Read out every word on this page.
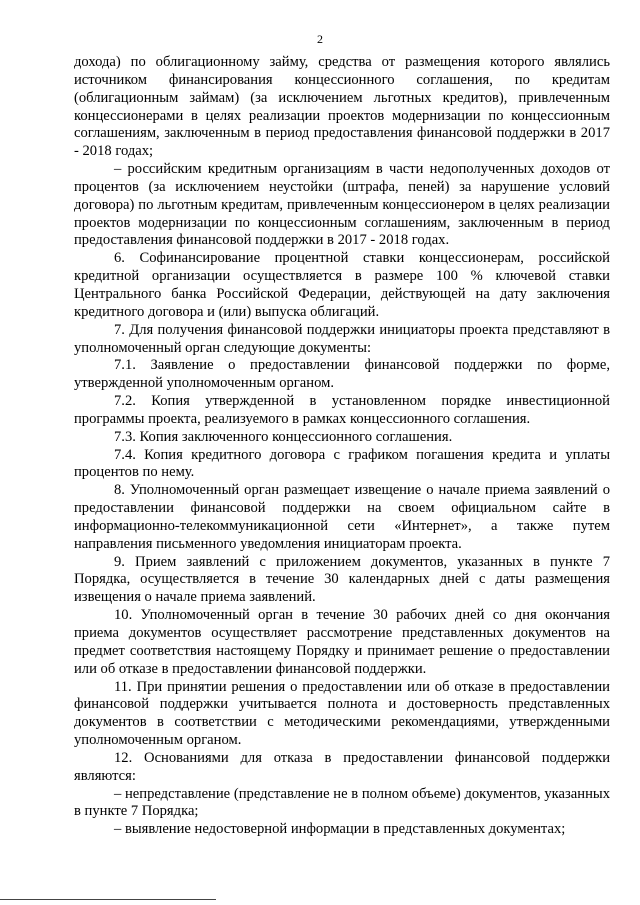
2

дохода) по облигационному займу, средства от размещения которого являлись источником финансирования концессионного соглашения, по кредитам (облигационным займам) (за исключением льготных кредитов), привлеченным концессионерами в целях реализации проектов модернизации по концессионным соглашениям, заключенным в период предоставления финансовой поддержки в 2017 - 2018 годах;

– российским кредитным организациям в части недополученных доходов от процентов (за исключением неустойки (штрафа, пеней) за нарушение условий договора) по льготным кредитам, привлеченным концессионером в целях реализации проектов модернизации по концессионным соглашениям, заключенным в период предоставления финансовой поддержки в 2017 - 2018 годах.

6. Софинансирование процентной ставки концессионерам, российской кредитной организации осуществляется в размере 100 % ключевой ставки Центрального банка Российской Федерации, действующей на дату заключения кредитного договора и (или) выпуска облигаций.

7. Для получения финансовой поддержки инициаторы проекта представляют в уполномоченный орган следующие документы:

7.1. Заявление о предоставлении финансовой поддержки по форме, утвержденной уполномоченным органом.

7.2. Копия утвержденной в установленном порядке инвестиционной программы проекта, реализуемого в рамках концессионного соглашения.

7.3. Копия заключенного концессионного соглашения.

7.4. Копия кредитного договора с графиком погашения кредита и уплаты процентов по нему.

8. Уполномоченный орган размещает извещение о начале приема заявлений о предоставлении финансовой поддержки на своем официальном сайте в информационно-телекоммуникационной сети «Интернет», а также путем направления письменного уведомления инициаторам проекта.

9. Прием заявлений с приложением документов, указанных в пункте 7 Порядка, осуществляется в течение 30 календарных дней с даты размещения извещения о начале приема заявлений.

10. Уполномоченный орган в течение 30 рабочих дней со дня окончания приема документов осуществляет рассмотрение представленных документов на предмет соответствия настоящему Порядку и принимает решение о предоставлении или об отказе в предоставлении финансовой поддержки.

11. При принятии решения о предоставлении или об отказе в предоставлении финансовой поддержки учитывается полнота и достоверность представленных документов в соответствии с методическими рекомендациями, утвержденными уполномоченным органом.

12. Основаниями для отказа в предоставлении финансовой поддержки являются:

– непредставление (представление не в полном объеме) документов, указанных в пункте 7 Порядка;

– выявление недостоверной информации в представленных документах;
